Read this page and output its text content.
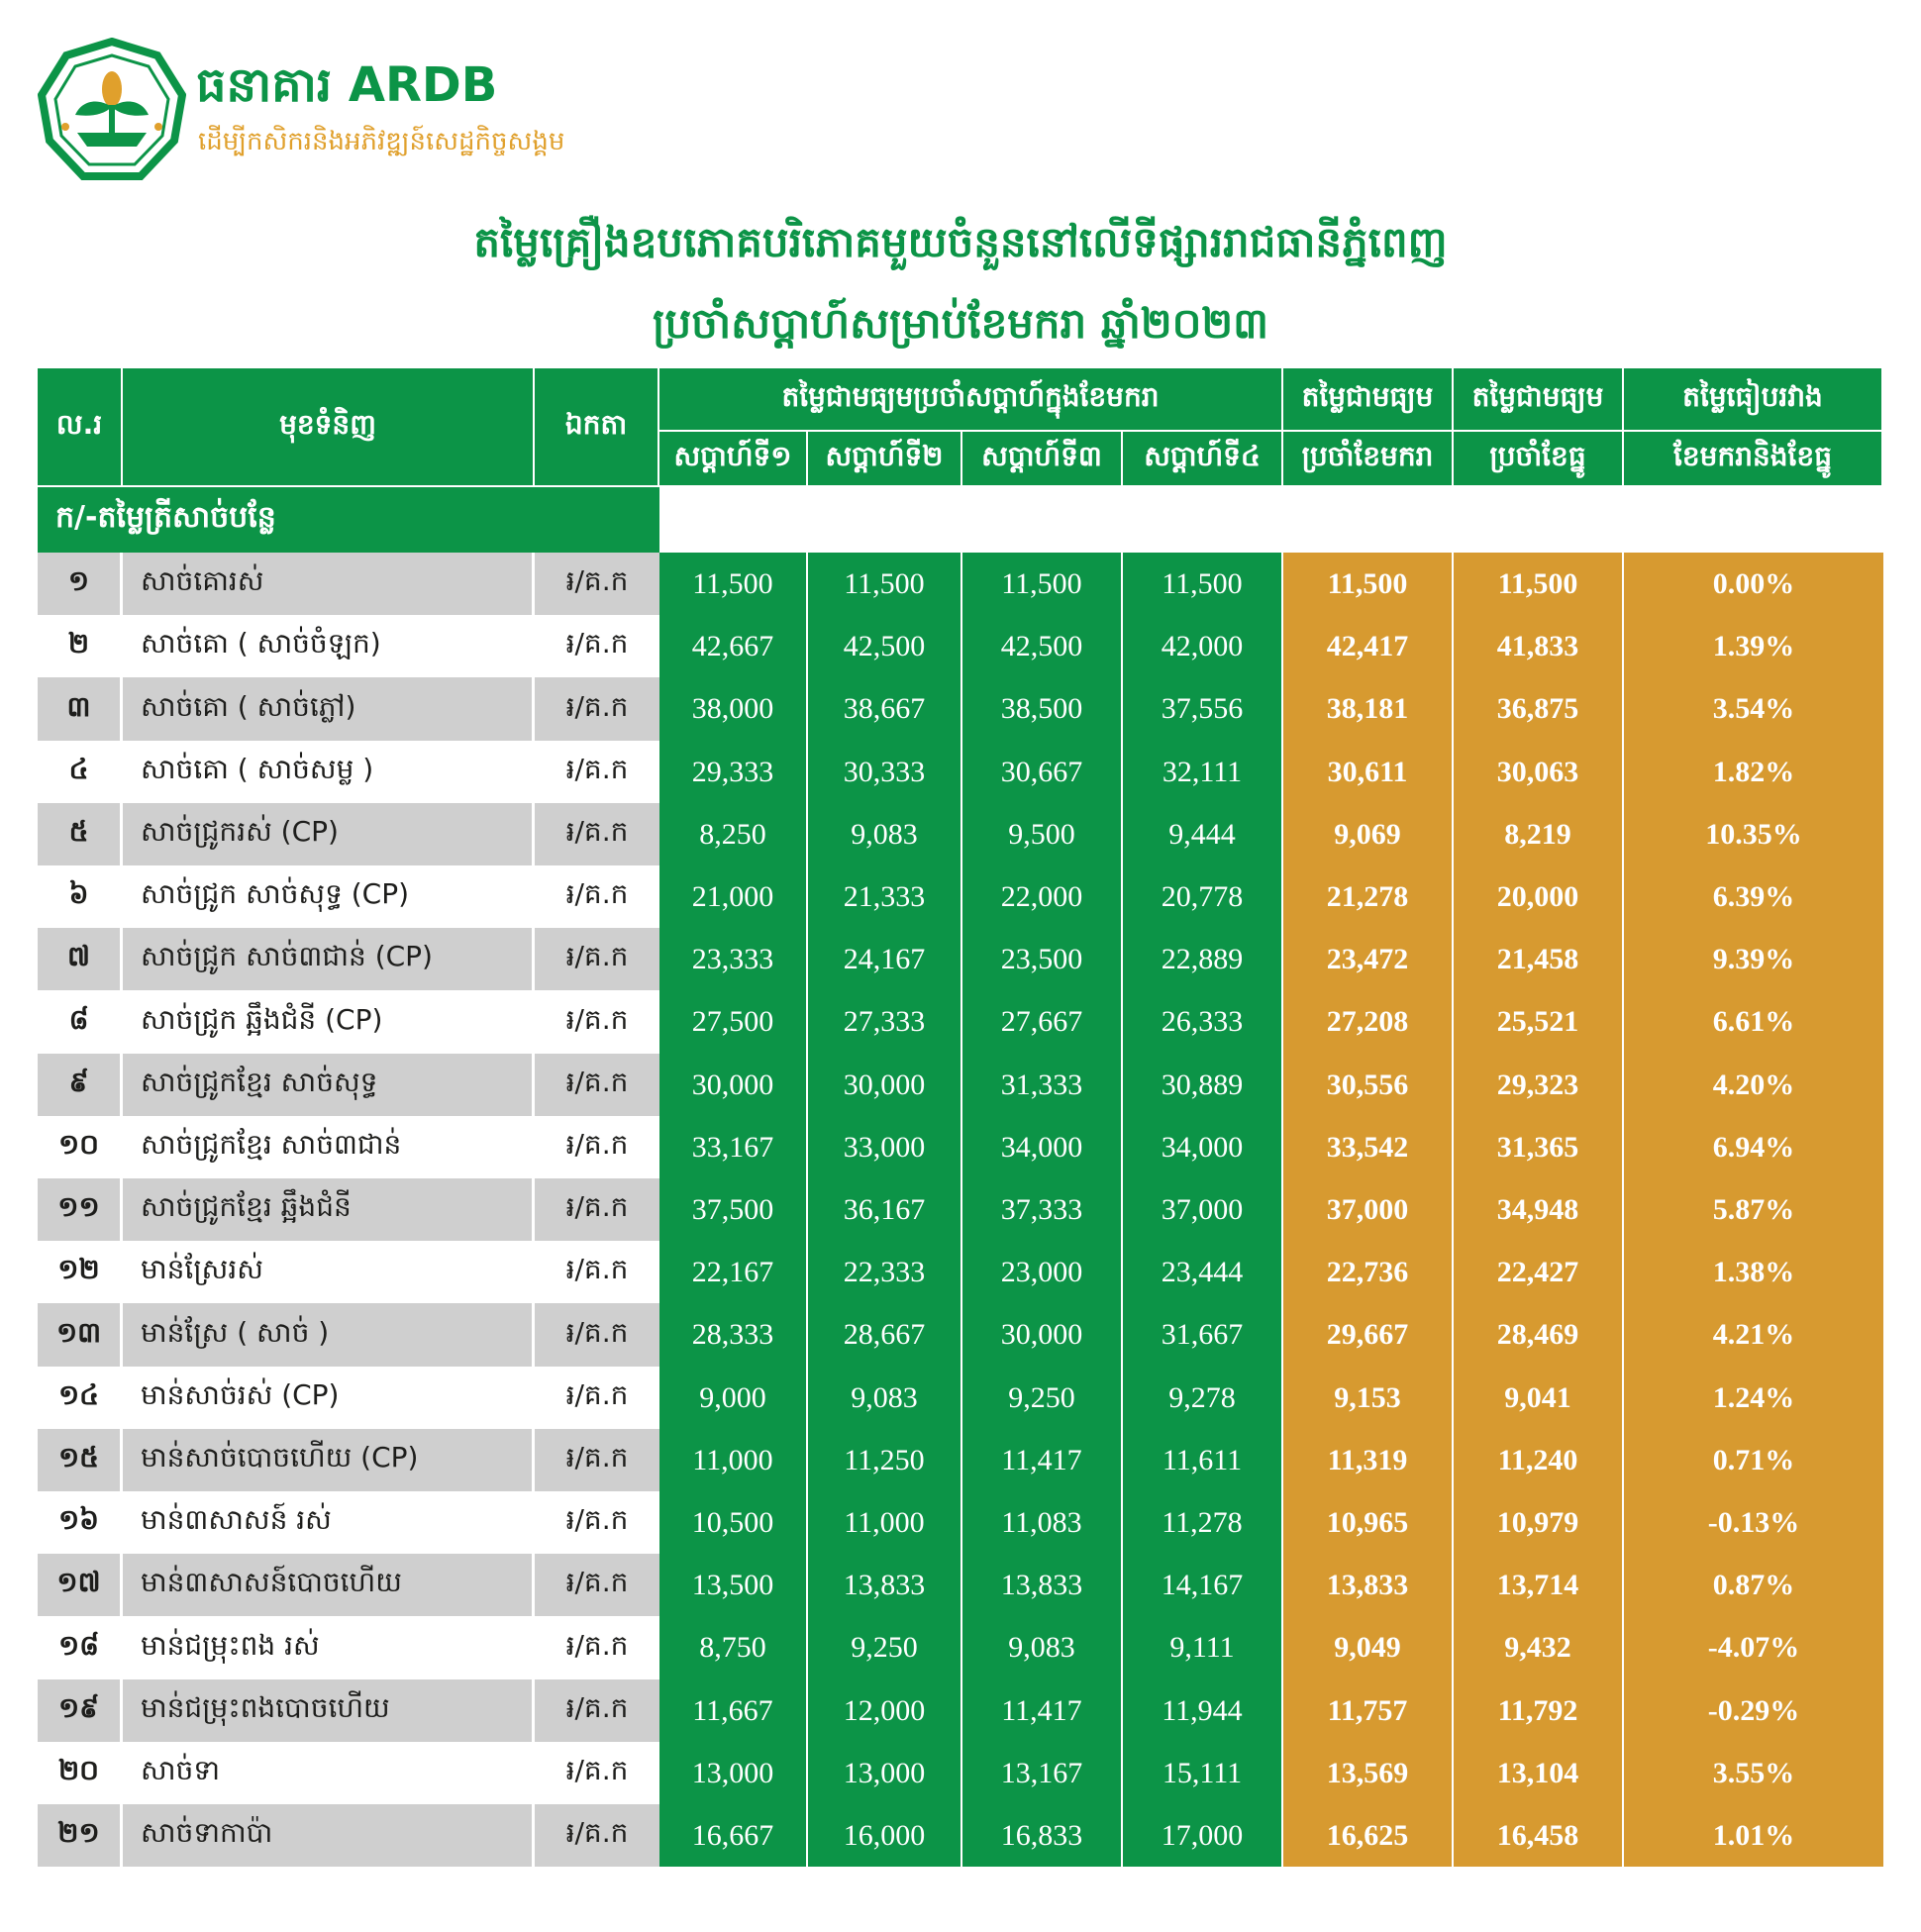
ធនាគារ ARDB
ដើម្បីកសិករនិងអភិវឌ្ឍន៍សេដ្ឋកិច្ចសង្គម
តម្លៃគ្រឿងឧបភោគបរិភោគមួយចំនួននៅលើទីផ្សាររាជធានីភ្នំពេញ
ប្រចាំសប្តាហ៍សម្រាប់ខែមករា ឆ្នាំ២០២៣
ល.រ	មុខទំនិញ	ឯកតា
តម្លៃជាមធ្យមប្រចាំសប្តាហ៍ក្នុងខែមករា
សប្តាហ៍ទី១	សប្តាហ៍ទី២	សប្តាហ៍ទី៣	សប្តាហ៍ទី៤
តម្លៃជាមធ្យម
ប្រចាំខែមករា
តម្លៃជាមធ្យម
ប្រចាំខែធ្នូ
តម្លៃធៀបរវាង
ខែមករានិងខែធ្នូ
ក/-តម្លៃត្រីសាច់បន្លែ
១	សាច់គោរស់	៛/គ.ក	11,500	11,500	11,500	11,500	11,500	11,500	0.00%
២	សាច់គោ ( សាច់ចំឡក)	៛/គ.ក	42,667	42,500	42,500	42,000	42,417	41,833	1.39%
៣	សាច់គោ ( សាច់ភ្លៅ)	៛/គ.ក	38,000	38,667	38,500	37,556	38,181	36,875	3.54%
៤	សាច់គោ ( សាច់សម្ល )	៛/គ.ក	29,333	30,333	30,667	32,111	30,611	30,063	1.82%
៥	សាច់ជ្រូករស់ (CP)	៛/គ.ក	8,250	9,083	9,500	9,444	9,069	8,219	10.35%
៦	សាច់ជ្រូក សាច់សុទ្ធ (CP)	៛/គ.ក	21,000	21,333	22,000	20,778	21,278	20,000	6.39%
៧	សាច់ជ្រូក សាច់៣ជាន់ (CP)	៛/គ.ក	23,333	24,167	23,500	22,889	23,472	21,458	9.39%
៨	សាច់ជ្រូក ឆ្អឹងជំនី (CP)	៛/គ.ក	27,500	27,333	27,667	26,333	27,208	25,521	6.61%
៩	សាច់ជ្រូកខ្មែរ សាច់សុទ្ធ	៛/គ.ក	30,000	30,000	31,333	30,889	30,556	29,323	4.20%
១០	សាច់ជ្រូកខ្មែរ សាច់៣ជាន់	៛/គ.ក	33,167	33,000	34,000	34,000	33,542	31,365	6.94%
១១	សាច់ជ្រូកខ្មែរ ឆ្អឹងជំនី	៛/គ.ក	37,500	36,167	37,333	37,000	37,000	34,948	5.87%
១២	មាន់ស្រែរស់	៛/គ.ក	22,167	22,333	23,000	23,444	22,736	22,427	1.38%
១៣	មាន់ស្រែ ( សាច់ )	៛/គ.ក	28,333	28,667	30,000	31,667	29,667	28,469	4.21%
១៤	មាន់សាច់រស់ (CP)	៛/គ.ក	9,000	9,083	9,250	9,278	9,153	9,041	1.24%
១៥	មាន់សាច់បោចហើយ (CP)	៛/គ.ក	11,000	11,250	11,417	11,611	11,319	11,240	0.71%
១៦	មាន់៣សាសន៍ រស់	៛/គ.ក	10,500	11,000	11,083	11,278	10,965	10,979	-0.13%
១៧	មាន់៣សាសន៍បោចហើយ	៛/គ.ក	13,500	13,833	13,833	14,167	13,833	13,714	0.87%
១៨	មាន់ជម្រុះពង រស់	៛/គ.ក	8,750	9,250	9,083	9,111	9,049	9,432	-4.07%
១៩	មាន់ជម្រុះពងបោចហើយ	៛/គ.ក	11,667	12,000	11,417	11,944	11,757	11,792	-0.29%
២០	សាច់ទា	៛/គ.ក	13,000	13,000	13,167	15,111	13,569	13,104	3.55%
២១	សាច់ទាកាប៉ា	៛/គ.ក	16,667	16,000	16,833	17,000	16,625	16,458	1.01%
